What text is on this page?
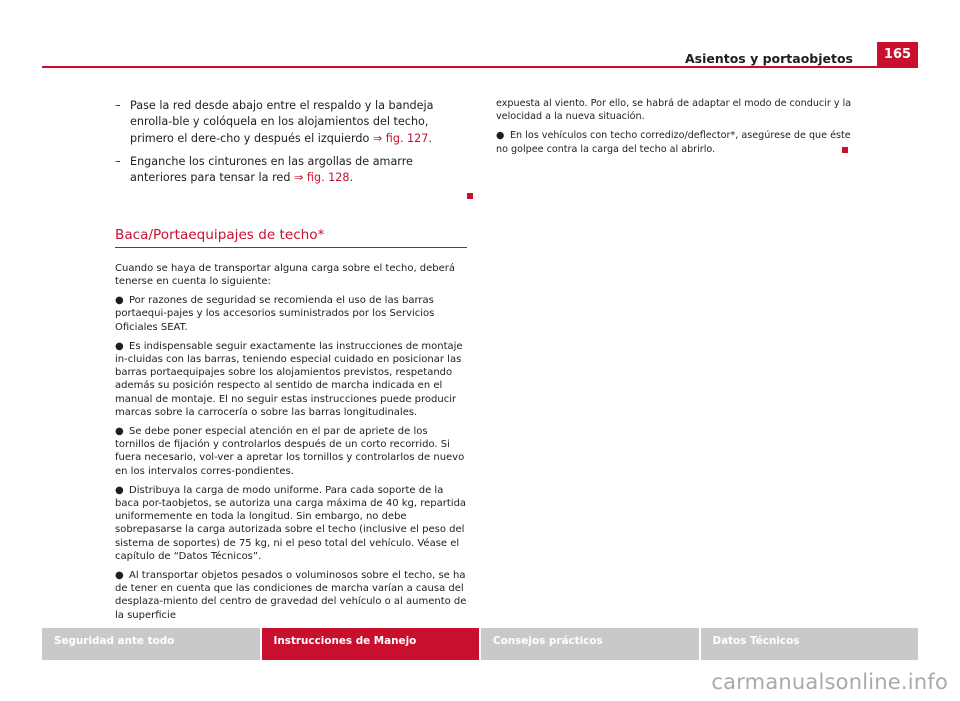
Asientos y portaobjetos	165
– Pase la red desde abajo entre el respaldo y la bandeja enrolla-ble y colóquela en los alojamientos del techo, primero el dere-cho y después el izquierdo ⇒ fig. 127.
– Enganche los cinturones en las argollas de amarre anteriores para tensar la red ⇒ fig. 128.
Baca/Portaequipajes de techo*
Cuando se haya de transportar alguna carga sobre el techo, deberá tenerse en cuenta lo siguiente:
● Por razones de seguridad se recomienda el uso de las barras portaequi-pajes y los accesorios suministrados por los Servicios Oficiales SEAT.
● Es indispensable seguir exactamente las instrucciones de montaje in-cluidas con las barras, teniendo especial cuidado en posicionar las barras portaequipajes sobre los alojamientos previstos, respetando además su posición respecto al sentido de marcha indicada en el manual de montaje. El no seguir estas instrucciones puede producir marcas sobre la carrocería o sobre las barras longitudinales.
● Se debe poner especial atención en el par de apriete de los tornillos de fijación y controlarlos después de un corto recorrido. Si fuera necesario, vol-ver a apretar los tornillos y controlarlos de nuevo en los intervalos corres-pondientes.
● Distribuya la carga de modo uniforme. Para cada soporte de la baca por-taobjetos, se autoriza una carga máxima de 40 kg, repartida uniformemente en toda la longitud. Sin embargo, no debe sobrepasarse la carga autorizada sobre el techo (inclusive el peso del sistema de soportes) de 75 kg, ni el peso total del vehículo. Véase el capítulo de “Datos Técnicos”.
● Al transportar objetos pesados o voluminosos sobre el techo, se ha de tener en cuenta que las condiciones de marcha varían a causa del desplaza-miento del centro de gravedad del vehículo o al aumento de la superficie
expuesta al viento. Por ello, se habrá de adaptar el modo de conducir y la velocidad a la nueva situación.
● En los vehículos con techo corredizo/deflector*, asegúrese de que éste no golpee contra la carga del techo al abrirlo.
Seguridad ante todo	Instrucciones de Manejo	Consejos prácticos	Datos Técnicos
carmanualsonline.info
